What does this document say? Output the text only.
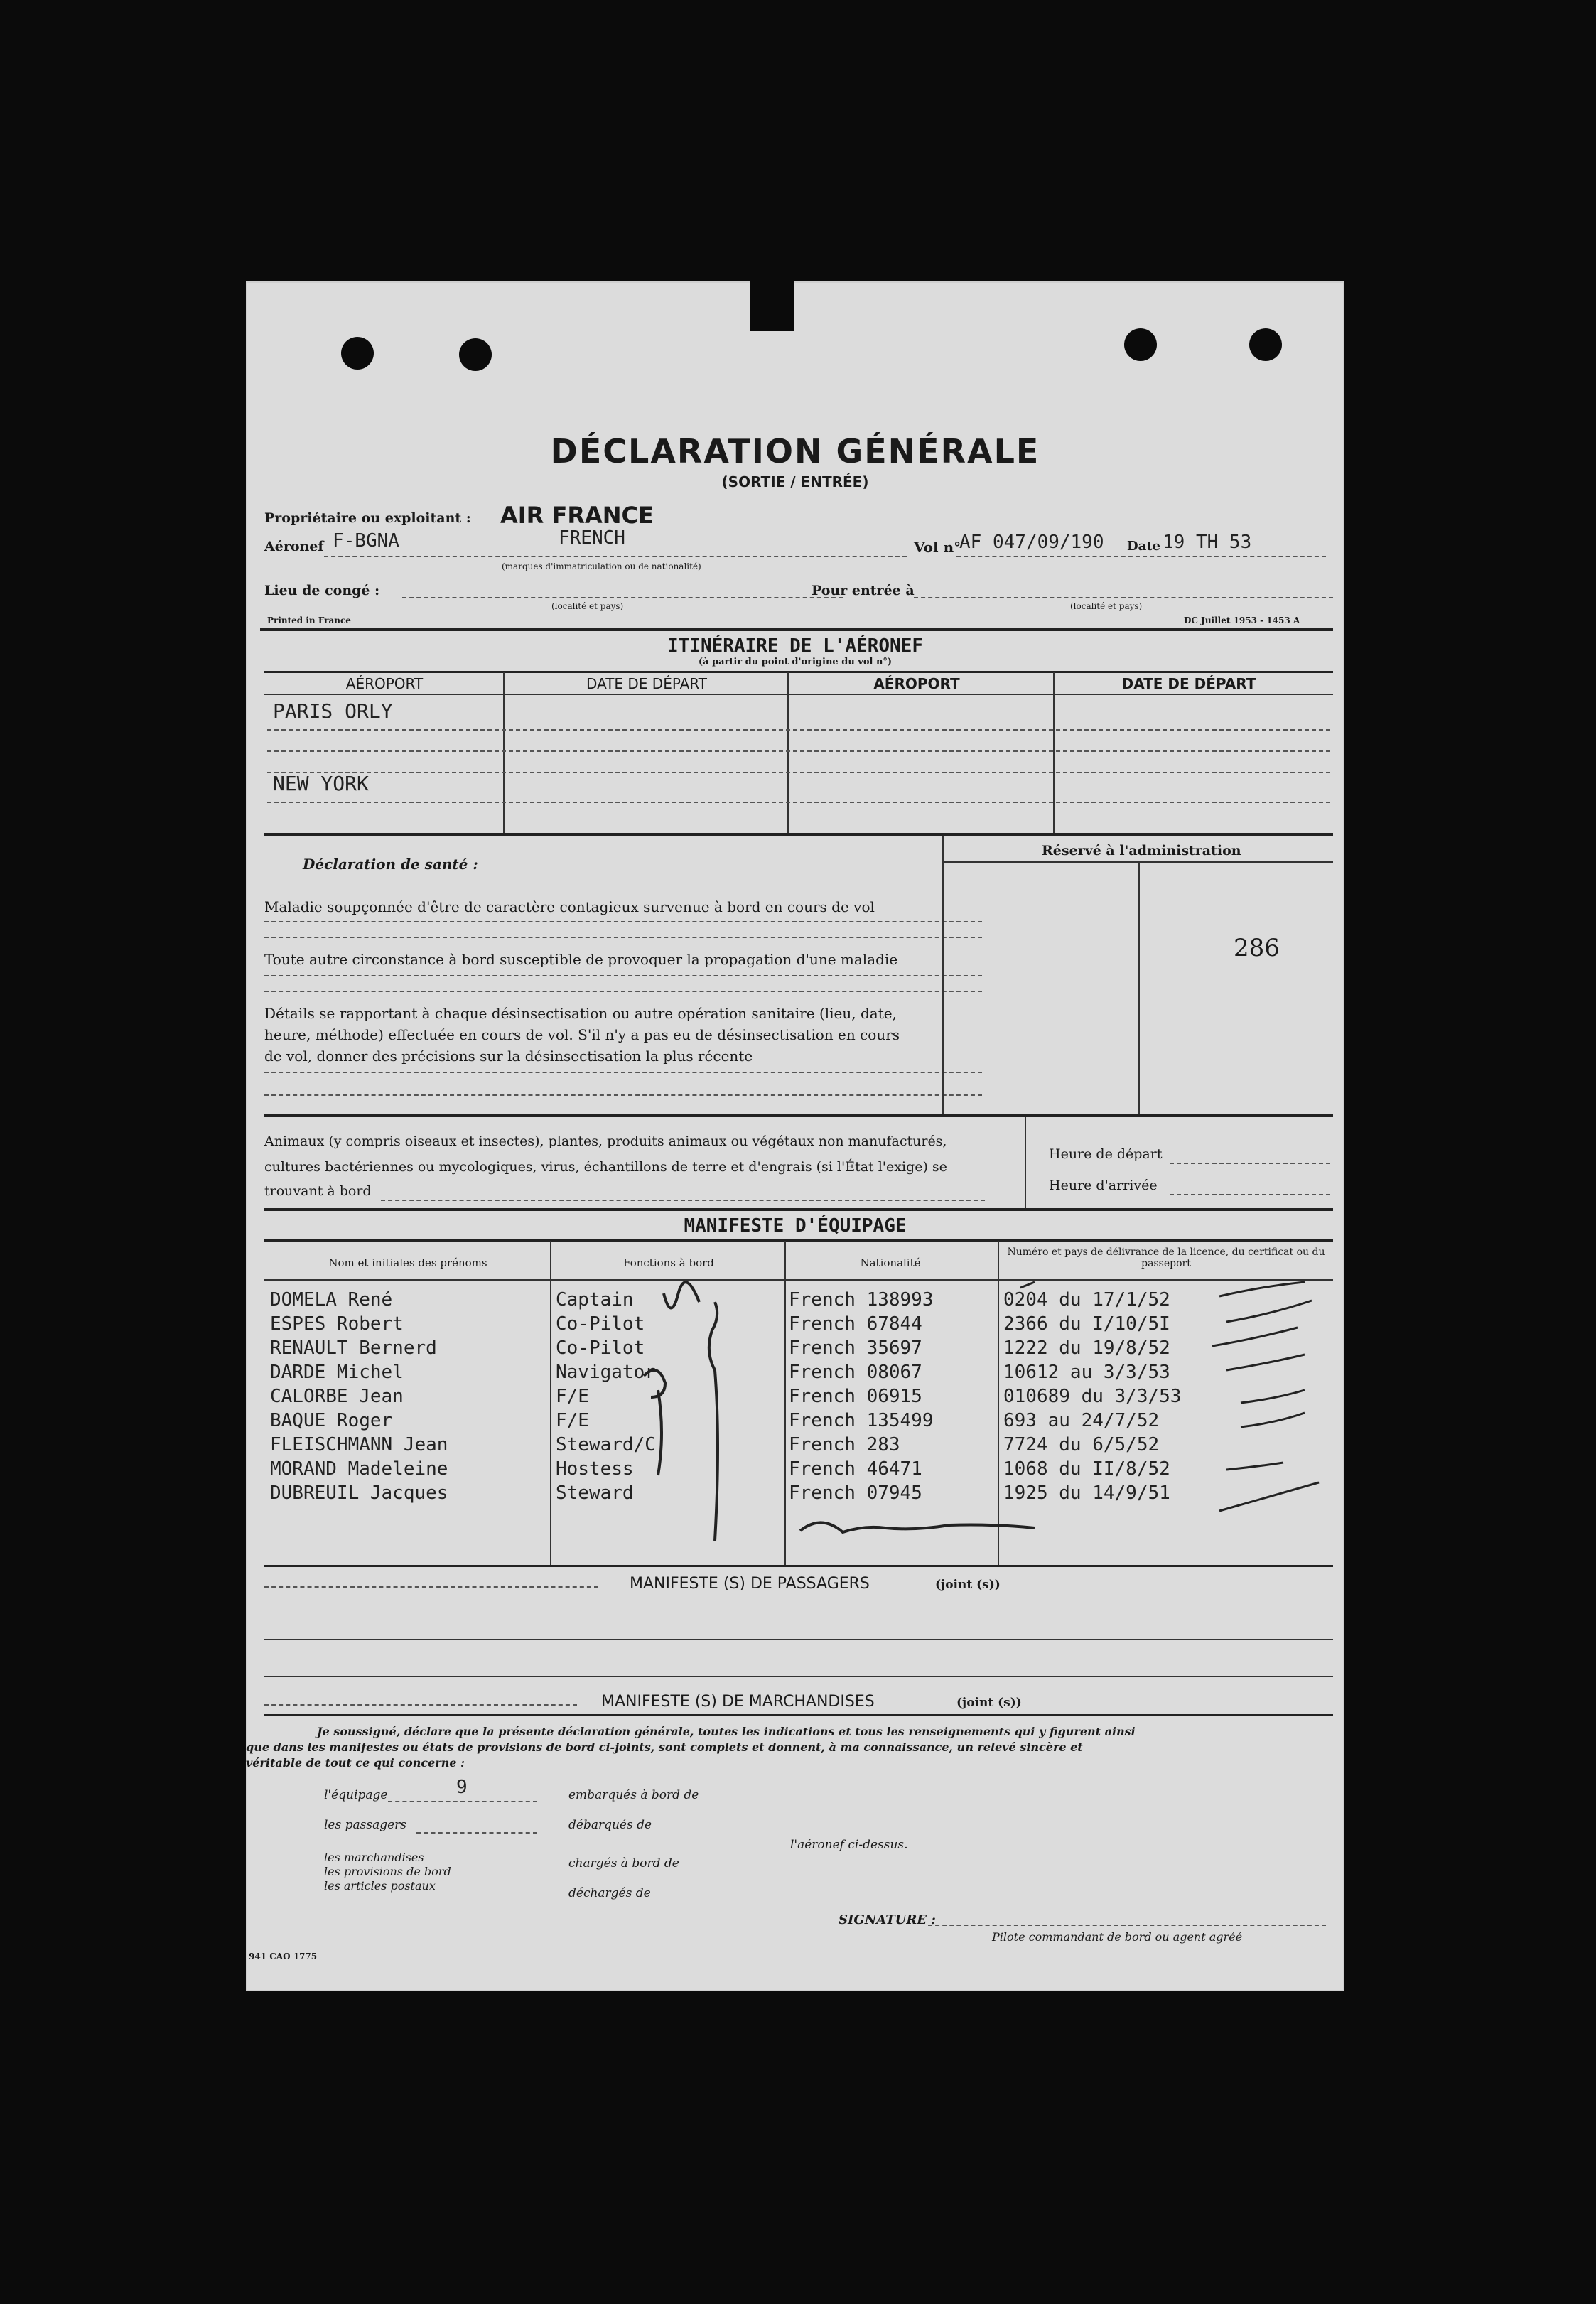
DÉCLARATION GÉNÉRALE
(SORTIE / ENTRÉE)
Propriétaire ou exploitant : AIR FRANCE
Aéronef F-BGNA	FRENCH
(marques d'immatriculation ou de nationalité)
Vol n°
AF 047/09/190 Date 19 TH 53
Lieu de congé :
(localité et pays)
Pour entrée à
(localité et pays)
Printed in France	DC Juillet 1953 - 1453 A
ITINÉRAIRE DE L'AÉRONEF
(à partir du point d'origine du vol n°)
AÉROPORT	DATE DE DÉPART	AÉROPORT	DATE DE DÉPART
PARIS ORLY
NEW YORK
Déclaration de santé :
Maladie soupçonnée d'être de caractère contagieux survenue à bord en cours de vol
Toute autre circonstance à bord susceptible de provoquer la propagation d'une maladie
Détails se rapportant à chaque désinsectisation ou autre opération sanitaire (lieu, date,
heure, méthode) effectuée en cours de vol. S'il n'y a pas eu de désinsectisation en cours
de vol, donner des précisions sur la désinsectisation la plus récente
Réservé à l'administration
286
Animaux (y compris oiseaux et insectes), plantes, produits animaux ou végétaux non manufacturés,
cultures bactériennes ou mycologiques, virus, échantillons de terre et d'engrais (si l'État l'exige) se
trouvant à bord
Heure de départ
Heure d'arrivée
MANIFESTE D'ÉQUIPAGE
Nom et initiales des prénoms	Fonctions à bord	Nationalité
Numéro et pays de délivrance de la licence, du certificat ou du passeport
DOMELA René	Captain	French 138993	0204 du 17/1/52
ESPES Robert	Co-Pilot	French 67844	2366 du I/10/5I
RENAULT Bernerd	Co-Pilot	French 35697	1222 du 19/8/52
DARDE Michel	Navigator	French 08067	10612 au 3/3/53
CALORBE Jean	F/E	French 06915	010689 du 3/3/53
BAQUE Roger	F/E	French 135499	693 au 24/7/52
FLEISCHMANN Jean	Steward/C	French 283	7724 du 6/5/52
MORAND Madeleine	Hostess	French 46471	1068 du II/8/52
DUBREUIL Jacques	Steward	French 07945	1925 du 14/9/51
MANIFESTE (S) DE PASSAGERS	(joint (s))
MANIFESTE (S) DE MARCHANDISES	(joint (s))
Je soussigné, déclare que la présente déclaration générale, toutes les indications et tous les renseignements qui y figurent ainsi
que dans les manifestes ou états de provisions de bord ci-joints, sont complets et donnent, à ma connaissance, un relevé sincère et
véritable de tout ce qui concerne :
l'équipage	9
les passagers
les marchandises
les provisions de bord
les articles postaux
embarqués à bord de
débarqués de
chargés à bord de
déchargés de
l'aéronef ci-dessus.
SIGNATURE :
Pilote commandant de bord ou agent agréé
941 CAO 1775
